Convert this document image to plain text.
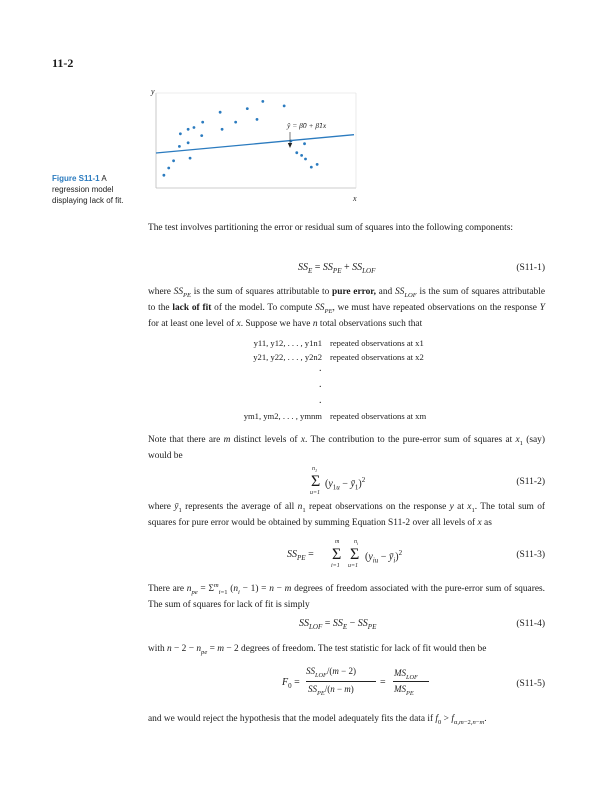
11-2
y
ŷ = β̂0 + β̂1x
x
Figure S11-1 A regression model displaying lack of fit.
The test involves partitioning the error or residual sum of squares into the following components:
$SS_E = SS_{PE} + SS_{LOF}$	(S11-1)
where $SS_{PE}$ is the sum of squares attributable to pure error, and $SS_{LOF}$ is the sum of squares attributable to the lack of fit of the model. To compute $SS_{PE}$, we must have repeated observations on the response Y for at least one level of x. Suppose we have n total observations such that
y11, y12, . . . , y1n1 repeated observations at x1
y21, y22, . . . , y2n2 repeated observations at x2
.
.
.
ym1, ym2, . . . , ymnm repeated observations at xm
Note that there are m distinct levels of x. The contribution to the pure-error sum of squares at $x_1$ (say) would be
$n_1$
Σ
u=1
($y_{1u}$ − $ȳ_1)^2$	(S11-2)
where $ȳ_1$ represents the average of all $n_1$ repeat observations on the response y at $x_1$. The total sum of squares for pure error would be obtained by summing Equation S11-2 over all levels of x as
$SS_{PE}$ =
m
Σ
i=1
$n_i$
Σ
u=1
($y_{iu}$ − $ȳ_i)^2$	(S11-3)
There are $n_{pe} = \Sigma^m_{i=1}$ $(n_i - 1) = n - m$ degrees of freedom associated with the pure-error sum of squares. The sum of squares for lack of fit is simply
$SS_{LOF} = SS_E - SS_{PE}$	(S11-4)
with $n - 2 - n_{pe} = m - 2$ degrees of freedom. The test statistic for lack of fit would then be
$F_0$ =
$SS_{LOF}/(m - 2)$
$SS_{PE}/(n - m)$
=
$MS_{LOF}$
$MS_{PE}$
(S11-5)
and we would reject the hypothesis that the model adequately fits the data if $f_0 > f_{\alpha,m-2,n-m}$.
